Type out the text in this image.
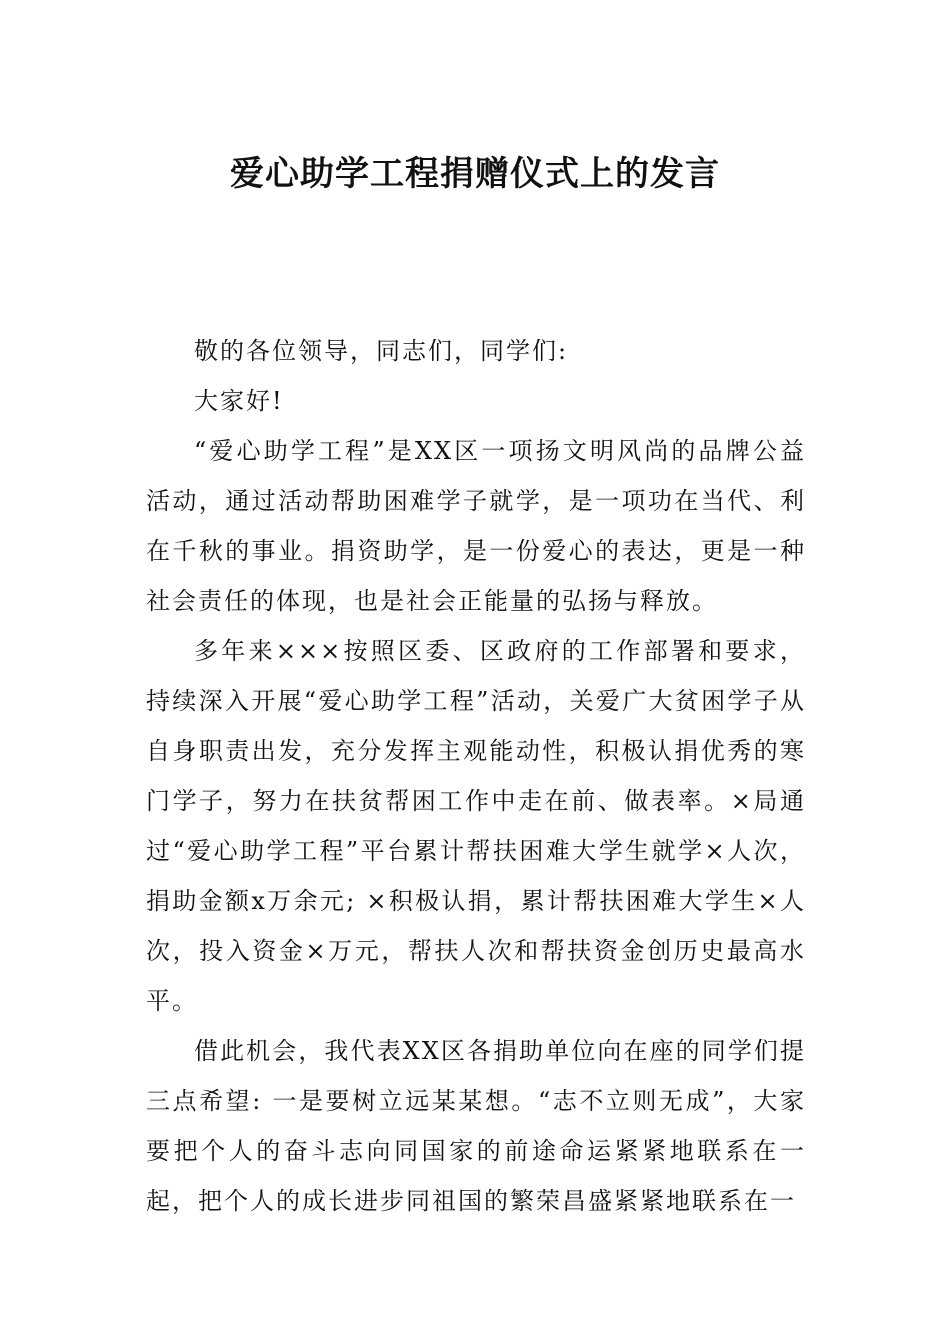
爱心助学工程捐赠仪式上的发言

敬的各位领导，同志们，同学们:

大家好!

“爱心助学工程”是XX区一项扬文明风尚的品牌公益活动，通过活动帮助困难学子就学，是一项功在当代、利在千秋的事业。捐资助学，是一份爱心的表达，更是一种社会责任的体现，也是社会正能量的弘扬与释放。

多年来×××按照区委、区政府的工作部署和要求，持续深入开展“爱心助学工程”活动，关爱广大贫困学子从自身职责出发，充分发挥主观能动性，积极认捐优秀的寒门学子，努力在扶贫帮困工作中走在前、做表率。×局通过“爱心助学工程”平台累计帮扶困难大学生就学×人次，捐助金额x万余元; ×积极认捐，累计帮扶困难大学生×人次，投入资金×万元，帮扶人次和帮扶资金创历史最高水平。

借此机会，我代表XX区各捐助单位向在座的同学们提三点希望: 一是要树立远某某想。“志不立则无成”，大家要把个人的奋斗志向同国家的前途命运紧紧地联系在一起，把个人的成长进步同祖国的繁荣昌盛紧紧地联系在一
